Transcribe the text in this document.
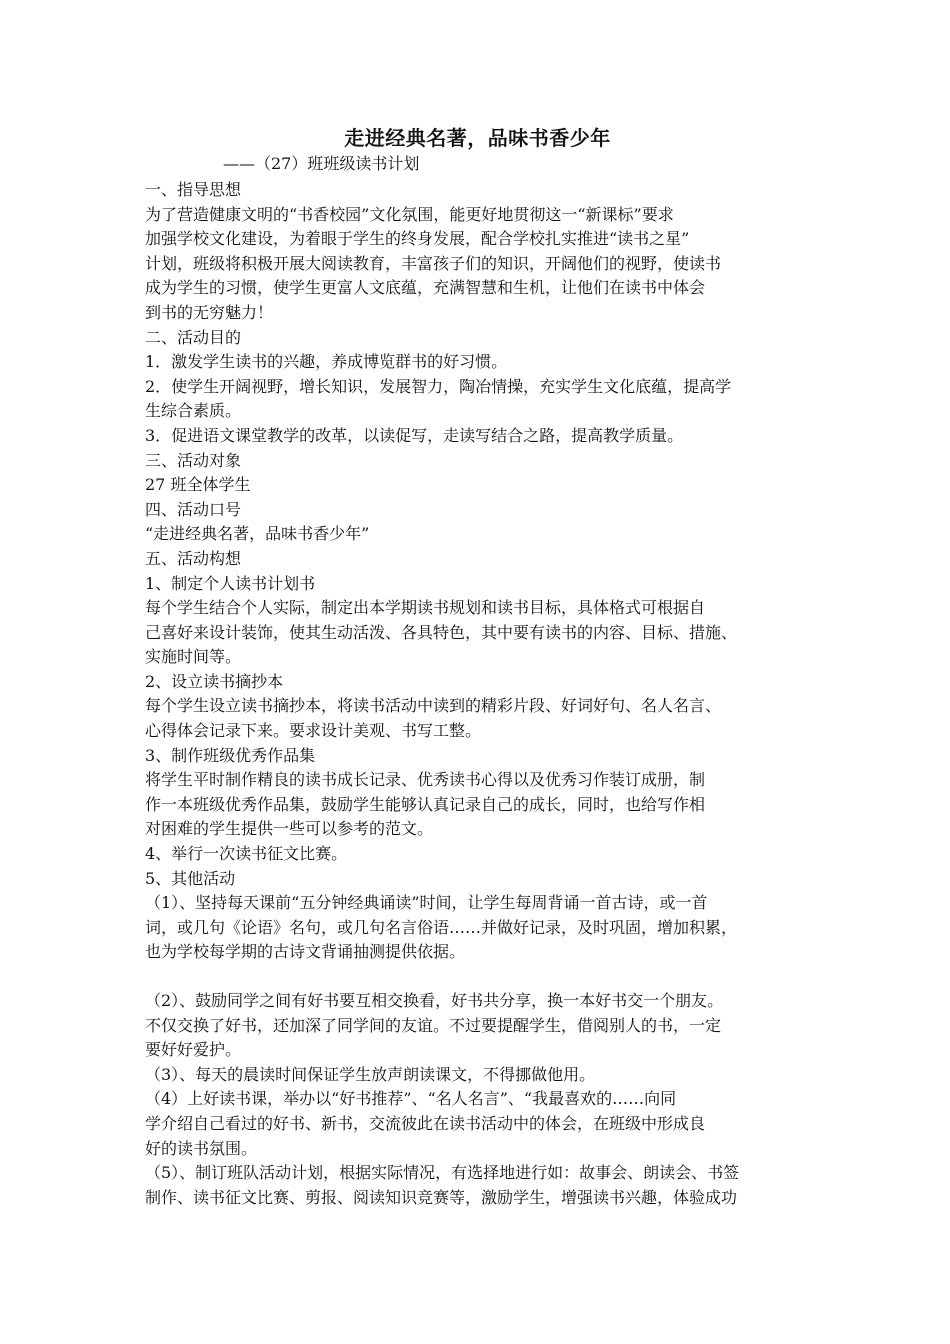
走进经典名著，品味书香少年

——（27）班班级读书计划

一、指导思想

为了营造健康文明的“书香校园”文化氛围，能更好地贯彻这一“新课标”要求

加强学校文化建设，为着眼于学生的终身发展，配合学校扎实推进“读书之星”

计划，班级将积极开展大阅读教育，丰富孩子们的知识，开阔他们的视野，使读书

成为学生的习惯，使学生更富人文底蕴，充满智慧和生机，让他们在读书中体会

到书的无穷魅力！

二、活动目的

1．激发学生读书的兴趣，养成博览群书的好习惯。

2．使学生开阔视野，增长知识，发展智力，陶冶情操，充实学生文化底蕴，提高学

生综合素质。

3．促进语文课堂教学的改革，以读促写，走读写结合之路，提高教学质量。

三、活动对象

27 班全体学生

四、活动口号

“走进经典名著，品味书香少年”

五、活动构想

1、制定个人读书计划书

每个学生结合个人实际，制定出本学期读书规划和读书目标，具体格式可根据自

己喜好来设计装饰，使其生动活泼、各具特色，其中要有读书的内容、目标、措施、

实施时间等。

2、设立读书摘抄本

每个学生设立读书摘抄本，将读书活动中读到的精彩片段、好词好句、名人名言、

心得体会记录下来。要求设计美观、书写工整。

3、制作班级优秀作品集

将学生平时制作精良的读书成长记录、优秀读书心得以及优秀习作装订成册，制

作一本班级优秀作品集，鼓励学生能够认真记录自己的成长，同时，也给写作相

对困难的学生提供一些可以参考的范文。

4、举行一次读书征文比赛。

5、其他活动

（1）、坚持每天课前“五分钟经典诵读”时间，让学生每周背诵一首古诗，或一首

词，或几句《论语》名句，或几句名言俗语……并做好记录，及时巩固，增加积累，

也为学校每学期的古诗文背诵抽测提供依据。

（2）、鼓励同学之间有好书要互相交换看，好书共分享，换一本好书交一个朋友。

不仅交换了好书，还加深了同学间的友谊。不过要提醒学生，借阅别人的书，一定

要好好爱护。

（3）、每天的晨读时间保证学生放声朗读课文，不得挪做他用。

（4）上好读书课，举办以“好书推荐”、“名人名言”、“我最喜欢的……向同

学介绍自己看过的好书、新书，交流彼此在读书活动中的体会，在班级中形成良

好的读书氛围。

（5）、制订班队活动计划，根据实际情况，有选择地进行如：故事会、朗读会、书签

制作、读书征文比赛、剪报、阅读知识竞赛等，激励学生，增强读书兴趣，体验成功
